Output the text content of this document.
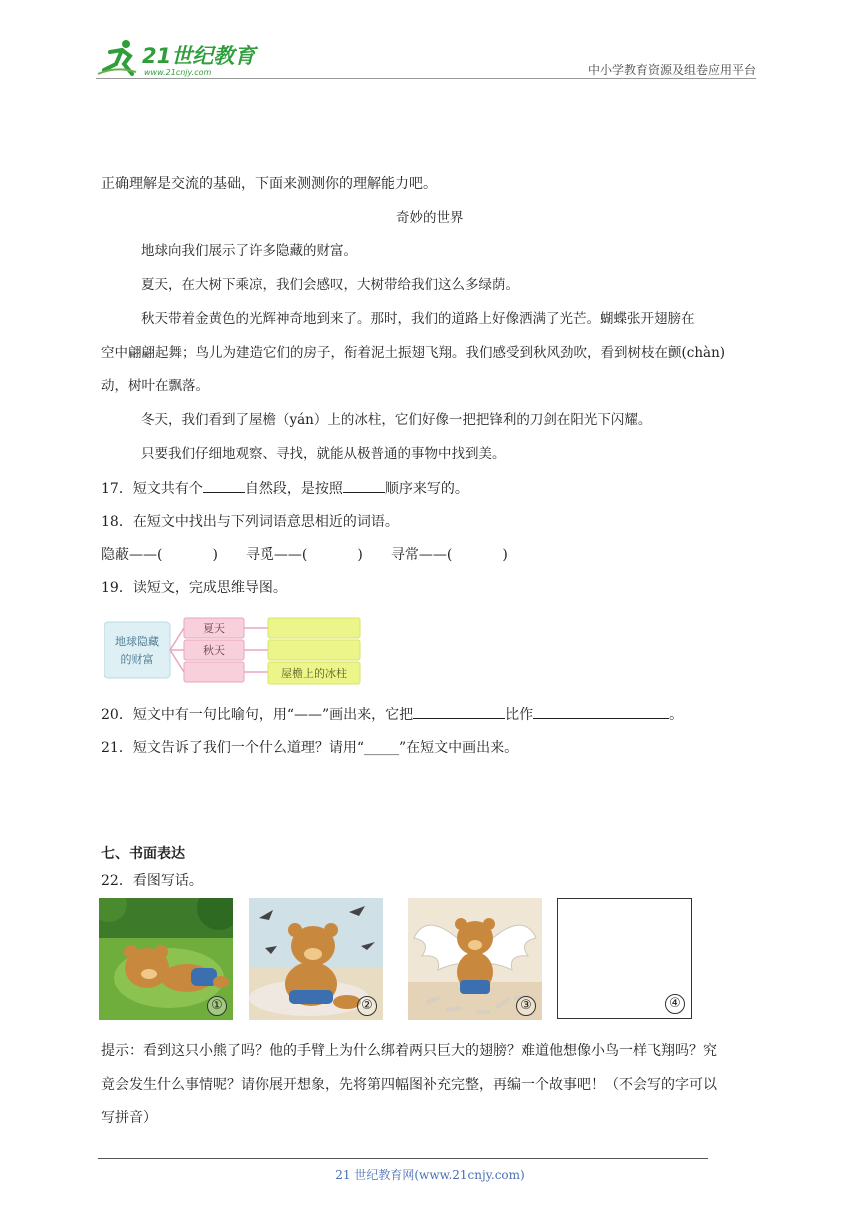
21世纪教育
www.21cnjy.com	中小学教育资源及组卷应用平台
正确理解是交流的基础，下面来测测你的理解能力吧。
奇妙的世界
地球向我们展示了许多隐藏的财富。
夏天，在大树下乘凉，我们会感叹，大树带给我们这么多绿荫。
秋天带着金黄色的光辉神奇地到来了。那时，我们的道路上好像洒满了光芒。蝴蝶张开翅膀在
空中翩翩起舞；鸟儿为建造它们的房子，衔着泥土振翅飞翔。我们感受到秋风劲吹，看到树枝在颤(chàn)
动，树叶在飘落。
冬天，我们看到了屋檐（yán）上的冰柱，它们好像一把把锋利的刀剑在阳光下闪耀。
只要我们仔细地观察、寻找，就能从极普通的事物中找到美。
17．短文共有个	自然段，是按照	顺序来写的。
18．在短文中找出与下列词语意思相近的词语。
隐蔽——(	) 寻觅——(	) 寻常——(	)
19．读短文，完成思维导图。
地球隐藏
的财富
夏天
秋天
屋檐上的冰柱
20．短文中有一句比喻句，用“——”画出来，它把	比作	。
21．短文告诉了我们一个什么道理？请用“_____”在短文中画出来。
七、书面表达
22．看图写话。
①	②	③	④
提示：看到这只小熊了吗？他的手臂上为什么绑着两只巨大的翅膀？难道他想像小鸟一样飞翔吗？究
竟会发生什么事情呢？请你展开想象，先将第四幅图补充完整，再编一个故事吧！（不会写的字可以
写拼音）
21 世纪教育网(www.21cnjy.com)
